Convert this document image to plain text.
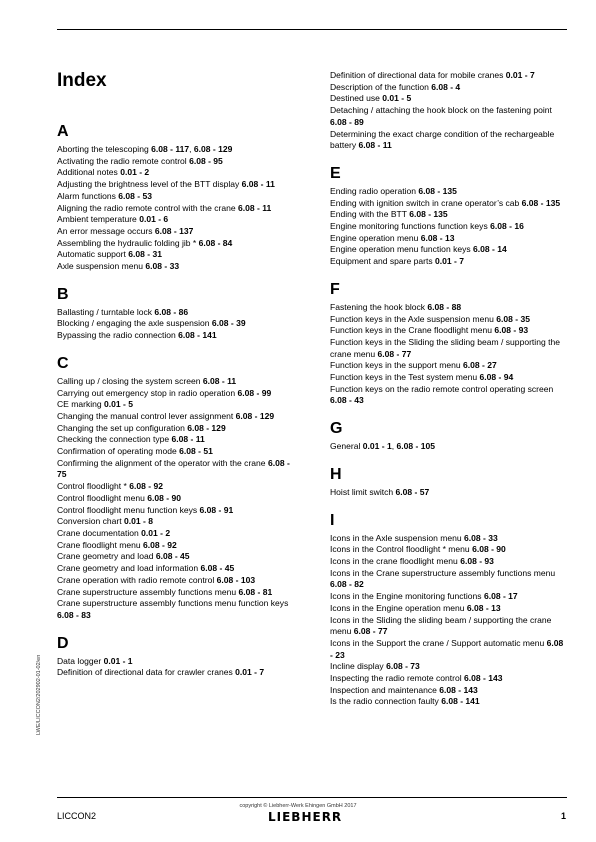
Index
A

Aborting the telescoping 6.08 - 117, 6.08 - 129

Activating the radio remote control 6.08 - 95

Additional notes 0.01 - 2

Adjusting the brightness level of the BTT display 6.08 - 11

Alarm functions 6.08 - 53

Aligning the radio remote control with the crane 6.08 - 11

Ambient temperature 0.01 - 6

An error message occurs 6.08 - 137

Assembling the hydraulic folding jib * 6.08 - 84

Automatic support 6.08 - 31

Axle suspension menu 6.08 - 33

B

Ballasting / turntable lock 6.08 - 86

Blocking / engaging the axle suspension 6.08 - 39

Bypassing the radio connection 6.08 - 141

C

Calling up / closing the system screen 6.08 - 11

Carrying out emergency stop in radio operation 6.08 - 99

CE marking 0.01 - 5

Changing the manual control lever assignment 6.08 - 129

Changing the set up configuration 6.08 - 129

Checking the connection type 6.08 - 11

Confirmation of operating mode 6.08 - 51

Confirming the alignment of the operator with the crane 6.08 - 75

Control floodlight * 6.08 - 92

Control floodlight menu 6.08 - 90

Control floodlight menu function keys 6.08 - 91

Conversion chart 0.01 - 8

Crane documentation 0.01 - 2

Crane floodlight menu 6.08 - 92

Crane geometry and load 6.08 - 45

Crane geometry and load information 6.08 - 45

Crane operation with radio remote control 6.08 - 103

Crane superstructure assembly functions menu 6.08 - 81

Crane superstructure assembly functions menu function keys 6.08 - 83

D

Data logger 0.01 - 1

Definition of directional data for crawler cranes 0.01 - 7

Definition of directional data for mobile cranes 0.01 - 7

Description of the function 6.08 - 4

Destined use 0.01 - 5

Detaching / attaching the hook block on the fastening point 6.08 - 89

Determining the exact charge condition of the rechargeable battery 6.08 - 11

E

Ending radio operation 6.08 - 135

Ending with ignition switch in crane operator’s cab 6.08 - 135

Ending with the BTT 6.08 - 135

Engine monitoring functions function keys 6.08 - 16

Engine operation menu 6.08 - 13

Engine operation menu function keys 6.08 - 14

Equipment and spare parts 0.01 - 7

F

Fastening the hook block 6.08 - 88

Function keys in the Axle suspension menu 6.08 - 35

Function keys in the Crane floodlight menu 6.08 - 93

Function keys in the Sliding the sliding beam / supporting the crane menu 6.08 - 77

Function keys in the support menu 6.08 - 27

Function keys in the Test system menu 6.08 - 94

Function keys on the radio remote control operating screen 6.08 - 43

G

General 0.01 - 1, 6.08 - 105

H

Hoist limit switch 6.08 - 57

I

Icons in the Axle suspension menu 6.08 - 33

Icons in the Control floodlight * menu 6.08 - 90

Icons in the crane floodlight menu 6.08 - 93

Icons in the Crane superstructure assembly functions menu 6.08 - 82

Icons in the Engine monitoring functions 6.08 - 17

Icons in the Engine operation menu 6.08 - 13

Icons in the Sliding the sliding beam / supporting the crane menu 6.08 - 77

Icons in the Support the crane / Support automatic menu 6.08 - 23

Incline display 6.08 - 73

Inspecting the radio remote control 6.08 - 143

Inspection and maintenance 6.08 - 143

Is the radio connection faulty 6.08 - 141

LWE/LICCON2/202902-01-02/en
copyright © Liebherr-Werk Ehingen GmbH 2017
LICCON2	LIEBHERR	1
